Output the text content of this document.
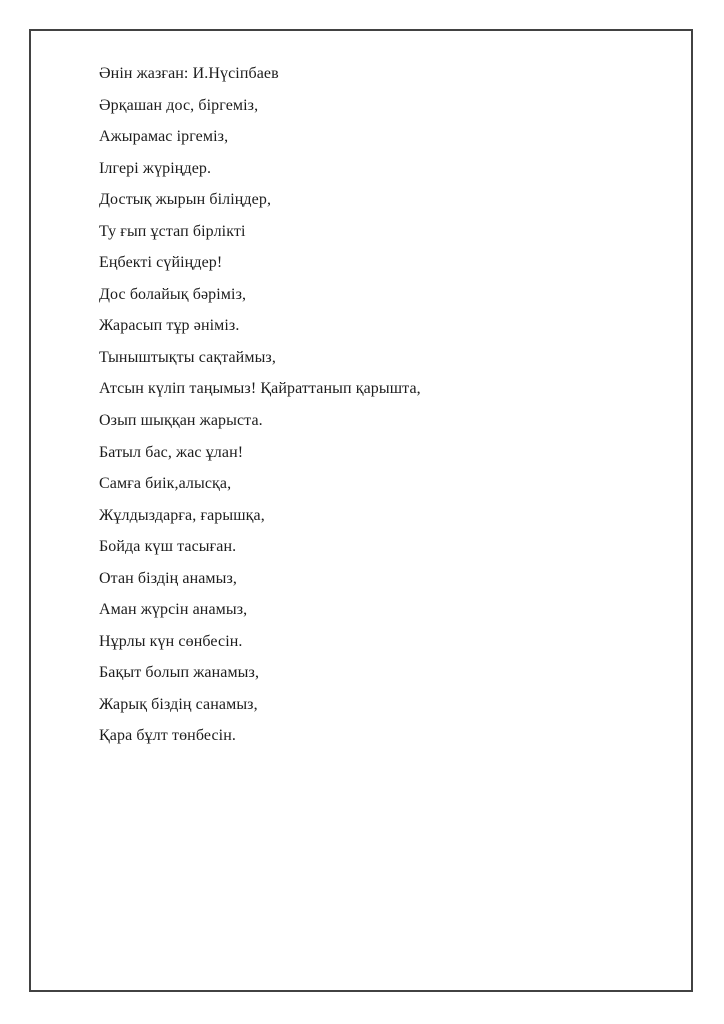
Әнін жазған: И.Нүсіпбаев
Әрқашан дос, біргеміз,
Ажырамас іргеміз,
Ілгері жүріңдер.
Достық жырын біліңдер,
Ту ғып ұстап бірлікті
Еңбекті сүйіңдер!
Дос болайық бәріміз,
Жарасып тұр әніміз.
Тыныштықты сақтаймыз,
Атсын күліп таңымыз! Қайраттанып қарышта,
Озып шыққан жарыста.
Батыл бас, жас ұлан!
Самға биік,алысқа,
Жұлдыздарға, ғарышқа,
Бойда күш тасыған.
Отан біздің анамыз,
Аман жүрсін анамыз,
Нұрлы күн сөнбесін.
Бақыт болып жанамыз,
Жарық біздің санамыз,
Қара бұлт төнбесін.
